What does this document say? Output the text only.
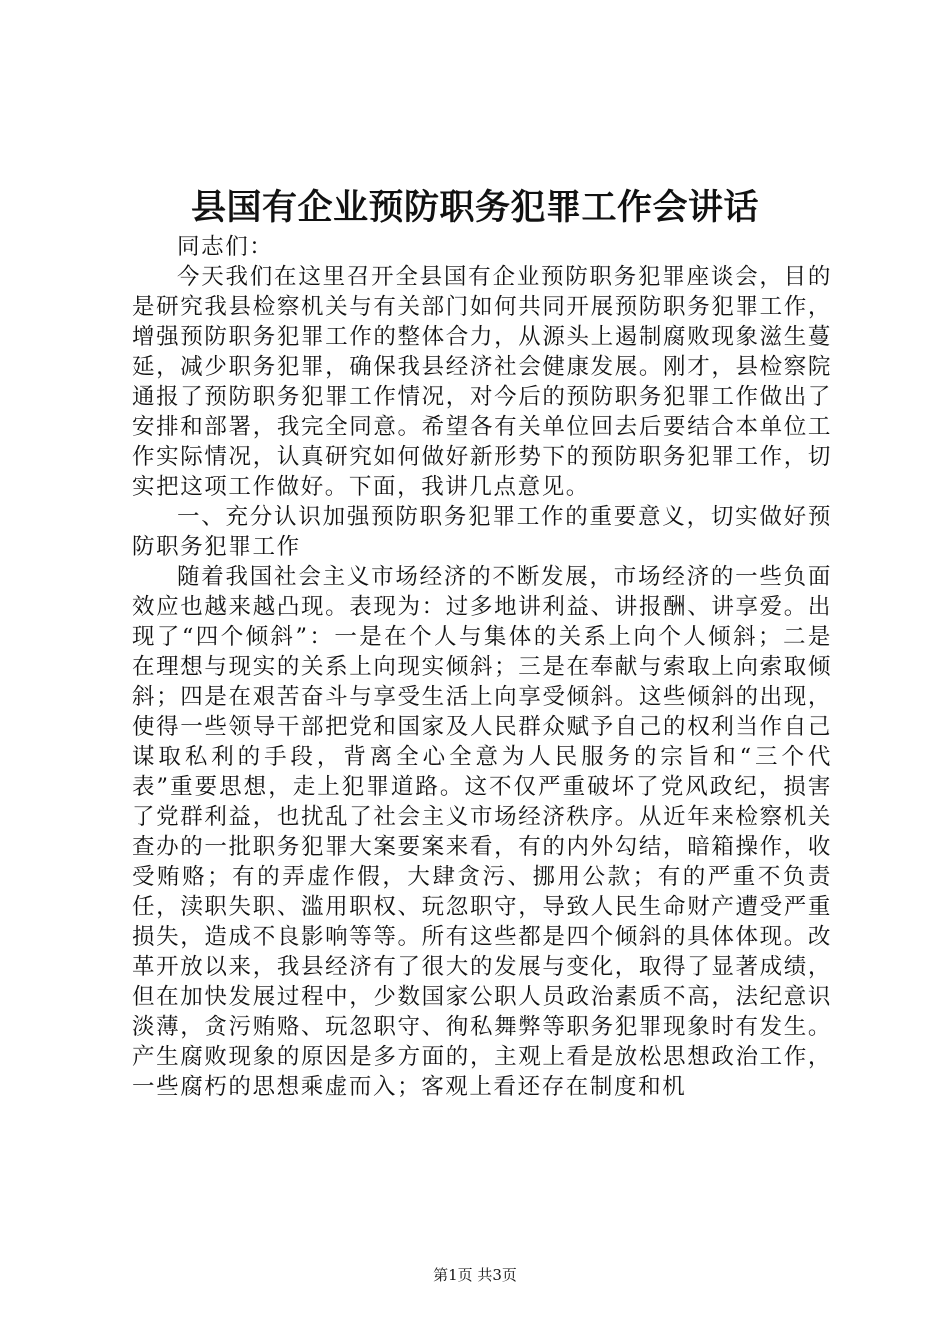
县国有企业预防职务犯罪工作会讲话

同志们：

今天我们在这里召开全县国有企业预防职务犯罪座谈会，目的是研究我县检察机关与有关部门如何共同开展预防职务犯罪工作，增强预防职务犯罪工作的整体合力，从源头上遏制腐败现象滋生蔓延，减少职务犯罪，确保我县经济社会健康发展。刚才，县检察院通报了预防职务犯罪工作情况，对今后的预防职务犯罪工作做出了安排和部署，我完全同意。希望各有关单位回去后要结合本单位工作实际情况，认真研究如何做好新形势下的预防职务犯罪工作，切实把这项工作做好。下面，我讲几点意见。

一、充分认识加强预防职务犯罪工作的重要意义，切实做好预防职务犯罪工作

随着我国社会主义市场经济的不断发展，市场经济的一些负面效应也越来越凸现。表现为：过多地讲利益、讲报酬、讲享爱。出现了“四个倾斜”：一是在个人与集体的关系上向个人倾斜；二是在理想与现实的关系上向现实倾斜；三是在奉献与索取上向索取倾斜；四是在艰苦奋斗与享受生活上向享受倾斜。这些倾斜的出现，使得一些领导干部把党和国家及人民群众赋予自己的权利当作自己谋取私利的手段，背离全心全意为人民服务的宗旨和“三个代表”重要思想，走上犯罪道路。这不仅严重破坏了党风政纪，损害了党群利益，也扰乱了社会主义市场经济秩序。从近年来检察机关查办的一批职务犯罪大案要案来看，有的内外勾结，暗箱操作，收受贿赂；有的弄虚作假，大肆贪污、挪用公款；有的严重不负责任，渎职失职、滥用职权、玩忽职守，导致人民生命财产遭受严重损失，造成不良影响等等。所有这些都是四个倾斜的具体体现。改革开放以来，我县经济有了很大的发展与变化，取得了显著成绩，但在加快发展过程中，少数国家公职人员政治素质不高，法纪意识淡薄，贪污贿赂、玩忽职守、徇私舞弊等职务犯罪现象时有发生。产生腐败现象的原因是多方面的，主观上看是放松思想政治工作，一些腐朽的思想乘虚而入；客观上看还存在制度和机

第1页 共3页
